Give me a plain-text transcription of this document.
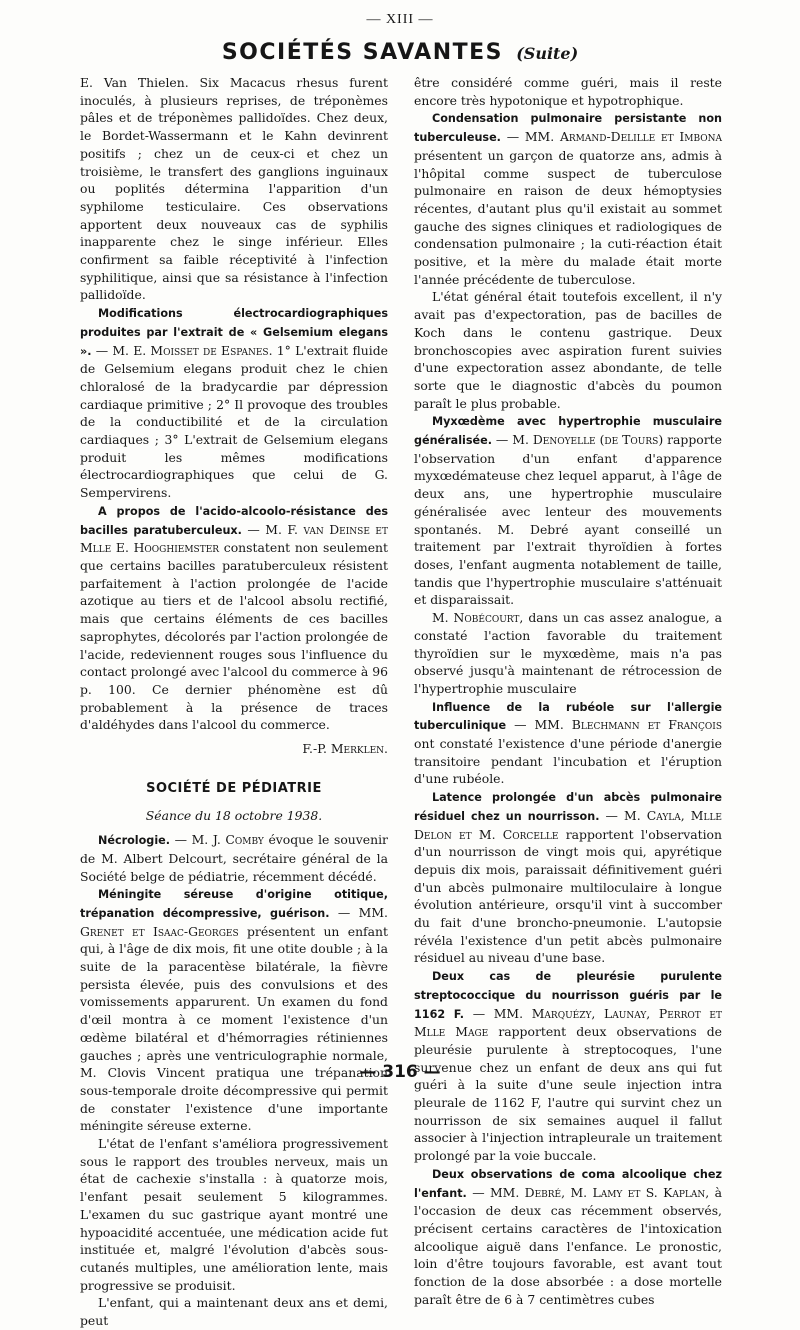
— XIII —
SOCIÉTÉS SAVANTES (Suite)

E. Van Thielen. Six Macacus rhesus furent inoculés, à plusieurs reprises, de tréponèmes pâles et de tréponèmes pallidoïdes. Chez deux, le Bordet-Wassermann et le Kahn devinrent positifs ; chez un de ceux-ci et chez un troisième, le transfert des ganglions inguinaux ou poplités détermina l'apparition d'un syphilome testiculaire. Ces observations apportent deux nouveaux cas de syphilis inapparente chez le singe inférieur. Elles confirment sa faible réceptivité à l'infection syphilitique, ainsi que sa résistance à l'infection pallidoïde.

Modifications électrocardiographiques produites par l'extrait de « Gelsemium elegans ». — M. E. Moisset de Espanes. 1° L'extrait fluide de Gelsemium elegans produit chez le chien chloralosé de la bradycardie par dépression cardiaque primitive ; 2° Il provoque des troubles de la conductibilité et de la circulation cardiaques ; 3° L'extrait de Gelsemium elegans produit les mêmes modifications électrocardiographiques que celui de G. Sempervirens.

A propos de l'acido-alcoolo-résistance des bacilles paratuberculeux. — M. F. van Deinse et Mlle E. Hooghiemster constatent non seulement que certains bacilles paratuberculeux résistent parfaitement à l'action prolongée de l'acide azotique au tiers et de l'alcool absolu rectifié, mais que certains éléments de ces bacilles saprophytes, décolorés par l'action prolongée de l'acide, redeviennent rouges sous l'influence du contact prolongé avec l'alcool du commerce à 96 p. 100. Ce dernier phénomène est dû probablement à la présence de traces d'aldéhydes dans l'alcool du commerce.

F.-P. Merklen.
SOCIÉTÉ DE PÉDIATRIE
Séance du 18 octobre 1938.

Nécrologie. — M. J. Comby évoque le souvenir de M. Albert Delcourt, secrétaire général de la Société belge de pédiatrie, récemment décédé.

Méningite séreuse d'origine otitique, trépanation décompressive, guérison. — MM. Grenet et Isaac-Georges présentent un enfant qui, à l'âge de dix mois, fit une otite double ; à la suite de la paracentèse bilatérale, la fièvre persista élevée, puis des convulsions et des vomissements apparurent. Un examen du fond d'œil montra à ce moment l'existence d'un œdème bilatéral et d'hémorragies rétiniennes gauches ; après une ventriculographie normale, M. Clovis Vincent pratiqua une trépanation sous-temporale droite décompressive qui permit de constater l'existence d'une importante méningite séreuse externe.

L'état de l'enfant s'améliora progressivement sous le rapport des troubles nerveux, mais un état de cachexie s'installa : à quatorze mois, l'enfant pesait seulement 5 kilogrammes. L'examen du suc gastrique ayant montré une hypoacidité accentuée, une médication acide fut instituée et, malgré l'évolution d'abcès sous-cutanés multiples, une amélioration lente, mais progressive se produisit.

L'enfant, qui a maintenant deux ans et demi, peut

être considéré comme guéri, mais il reste encore très hypotonique et hypotrophique.

Condensation pulmonaire persistante non tuberculeuse. — MM. Armand-Delille et Imbona présentent un garçon de quatorze ans, admis à l'hôpital comme suspect de tuberculose pulmonaire en raison de deux hémoptysies récentes, d'autant plus qu'il existait au sommet gauche des signes cliniques et radiologiques de condensation pulmonaire ; la cuti-réaction était positive, et la mère du malade était morte l'année précédente de tuberculose.

L'état général était toutefois excellent, il n'y avait pas d'expectoration, pas de bacilles de Koch dans le contenu gastrique. Deux bronchoscopies avec aspiration furent suivies d'une expectoration assez abondante, de telle sorte que le diagnostic d'abcès du poumon paraît le plus probable.

Myxœdème avec hypertrophie musculaire généralisée. — M. Denoyelle (de Tours) rapporte l'observation d'un enfant d'apparence myxœdémateuse chez lequel apparut, à l'âge de deux ans, une hypertrophie musculaire généralisée avec lenteur des mouvements spontanés. M. Debré ayant conseillé un traitement par l'extrait thyroïdien à fortes doses, l'enfant augmenta notablement de taille, tandis que l'hypertrophie musculaire s'atténuait et disparaissait.

M. Nobécourt, dans un cas assez analogue, a constaté l'action favorable du traitement thyroïdien sur le myxœdème, mais n'a pas observé jusqu'à maintenant de rétrocession de l'hypertrophie musculaire

Influence de la rubéole sur l'allergie tuberculinique — MM. Blechmann et François ont constaté l'existence d'une période d'anergie transitoire pendant l'incubation et l'éruption d'une rubéole.

Latence prolongée d'un abcès pulmonaire résiduel chez un nourrisson. — M. Cayla, Mlle Delon et M. Corcelle rapportent l'observation d'un nourrisson de vingt mois qui, apyrétique depuis dix mois, paraissait définitivement guéri d'un abcès pulmonaire multiloculaire à longue évolution antérieure, orsqu'il vint à succomber du fait d'une broncho-pneumonie. L'autopsie révéla l'existence d'un petit abcès pulmonaire résiduel au niveau d'une base.

Deux cas de pleurésie purulente streptococcique du nourrisson guéris par le 1162 F. — MM. Marquézy, Launay, Perrot et Mlle Mage rapportent deux observations de pleurésie purulente à streptocoques, l'une survenue chez un enfant de deux ans qui fut guéri à la suite d'une seule injection intra pleurale de 1162 F, l'autre qui survint chez un nourrisson de six semaines auquel il fallut associer à l'injection intrapleurale un traitement prolongé par la voie buccale.

Deux observations de coma alcoolique chez l'enfant. — MM. Debré, M. Lamy et S. Kaplan, à l'occasion de deux cas récemment observés, précisent certains caractères de l'intoxication alcoolique aiguë dans l'enfance. Le pronostic, loin d'être toujours favorable, est avant tout fonction de la dose absorbée : a dose mortelle paraît être de 6 à 7 centimètres cubes

— 316 —
